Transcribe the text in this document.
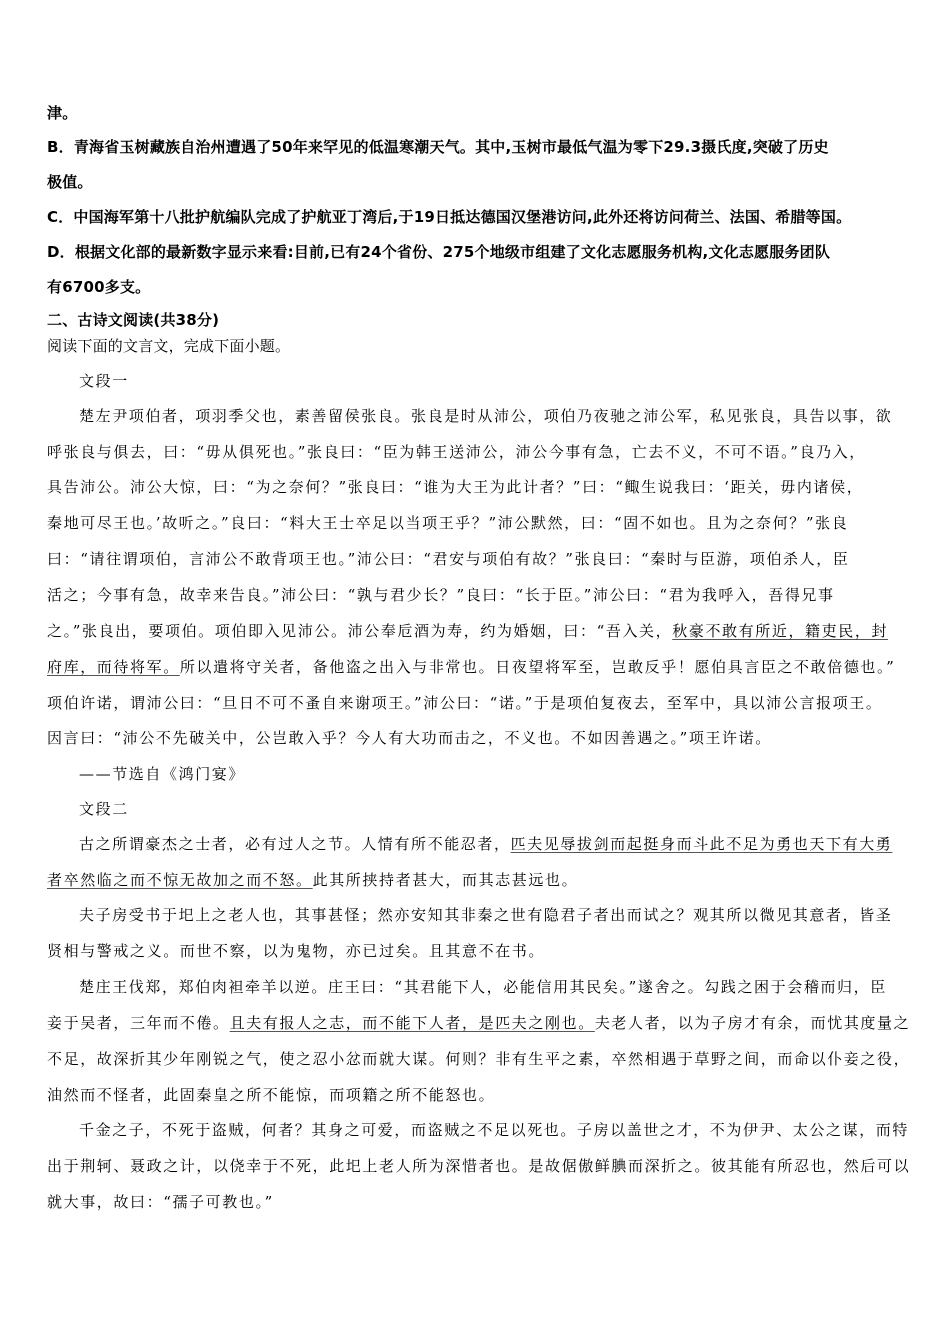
津。
B．青海省玉树藏族自治州遭遇了50年来罕见的低温寒潮天气。其中,玉树市最低气温为零下29.3摄氏度,突破了历史
极值。
C．中国海军第十八批护航编队完成了护航亚丁湾后,于19日抵达德国汉堡港访问,此外还将访问荷兰、法国、希腊等国。
D．根据文化部的最新数字显示来看:目前,已有24个省份、275个地级市组建了文化志愿服务机构,文化志愿服务团队
有6700多支。
二、古诗文阅读(共38分)
阅读下面的文言文，完成下面小题。
文段一
楚左尹项伯者，项羽季父也，素善留侯张良。张良是时从沛公，项伯乃夜驰之沛公军，私见张良，具告以事，欲
呼张良与俱去，曰：“毋从俱死也。”张良曰：“臣为韩王送沛公，沛公今事有急，亡去不义，不可不语。”良乃入，
具告沛公。沛公大惊，曰：“为之奈何？”张良曰：“谁为大王为此计者？”曰：“鲰生说我曰：‘距关，毋内诸侯，
秦地可尽王也。’故听之。”良曰：“料大王士卒足以当项王乎？”沛公默然，曰：“固不如也。且为之奈何？”张良
曰：“请往谓项伯，言沛公不敢背项王也。”沛公曰：“君安与项伯有故？”张良曰：“秦时与臣游，项伯杀人，臣
活之；今事有急，故幸来告良。”沛公曰：“孰与君少长？”良曰：“长于臣。”沛公曰：“君为我呼入，吾得兄事
之。”张良出，要项伯。项伯即入见沛公。沛公奉卮酒为寿，约为婚姻，曰：“吾入关，秋豪不敢有所近，籍吏民，封
府库，而待将军。所以遣将守关者，备他盗之出入与非常也。日夜望将军至，岂敢反乎！愿伯具言臣之不敢倍德也。”
项伯许诺，谓沛公曰：“旦日不可不蚤自来谢项王。”沛公曰：“诺。”于是项伯复夜去，至军中，具以沛公言报项王。
因言曰：“沛公不先破关中，公岂敢入乎？今人有大功而击之，不义也。不如因善遇之。”项王许诺。
——节选自《鸿门宴》
文段二
古之所谓豪杰之士者，必有过人之节。人情有所不能忍者，匹夫见辱拔剑而起挺身而斗此不足为勇也天下有大勇
者卒然临之而不惊无故加之而不怒。此其所挟持者甚大，而其志甚远也。
夫子房受书于圯上之老人也，其事甚怪；然亦安知其非秦之世有隐君子者出而试之？观其所以微见其意者，皆圣
贤相与警戒之义。而世不察，以为鬼物，亦已过矣。且其意不在书。
楚庄王伐郑，郑伯肉袒牵羊以逆。庄王曰：“其君能下人，必能信用其民矣。”遂舍之。勾践之困于会稽而归，臣
妾于吴者，三年而不倦。且夫有报人之志，而不能下人者，是匹夫之刚也。夫老人者，以为子房才有余，而忧其度量之
不足，故深折其少年刚锐之气，使之忍小忿而就大谋。何则？非有生平之素，卒然相遇于草野之间，而命以仆妾之役，
油然而不怪者，此固秦皇之所不能惊，而项籍之所不能怒也。
千金之子，不死于盗贼，何者？其身之可爱，而盗贼之不足以死也。子房以盖世之才，不为伊尹、太公之谋，而特
出于荆轲、聂政之计，以侥幸于不死，此圯上老人所为深惜者也。是故倨傲鲜腆而深折之。彼其能有所忍也，然后可以
就大事，故曰：“孺子可教也。”
